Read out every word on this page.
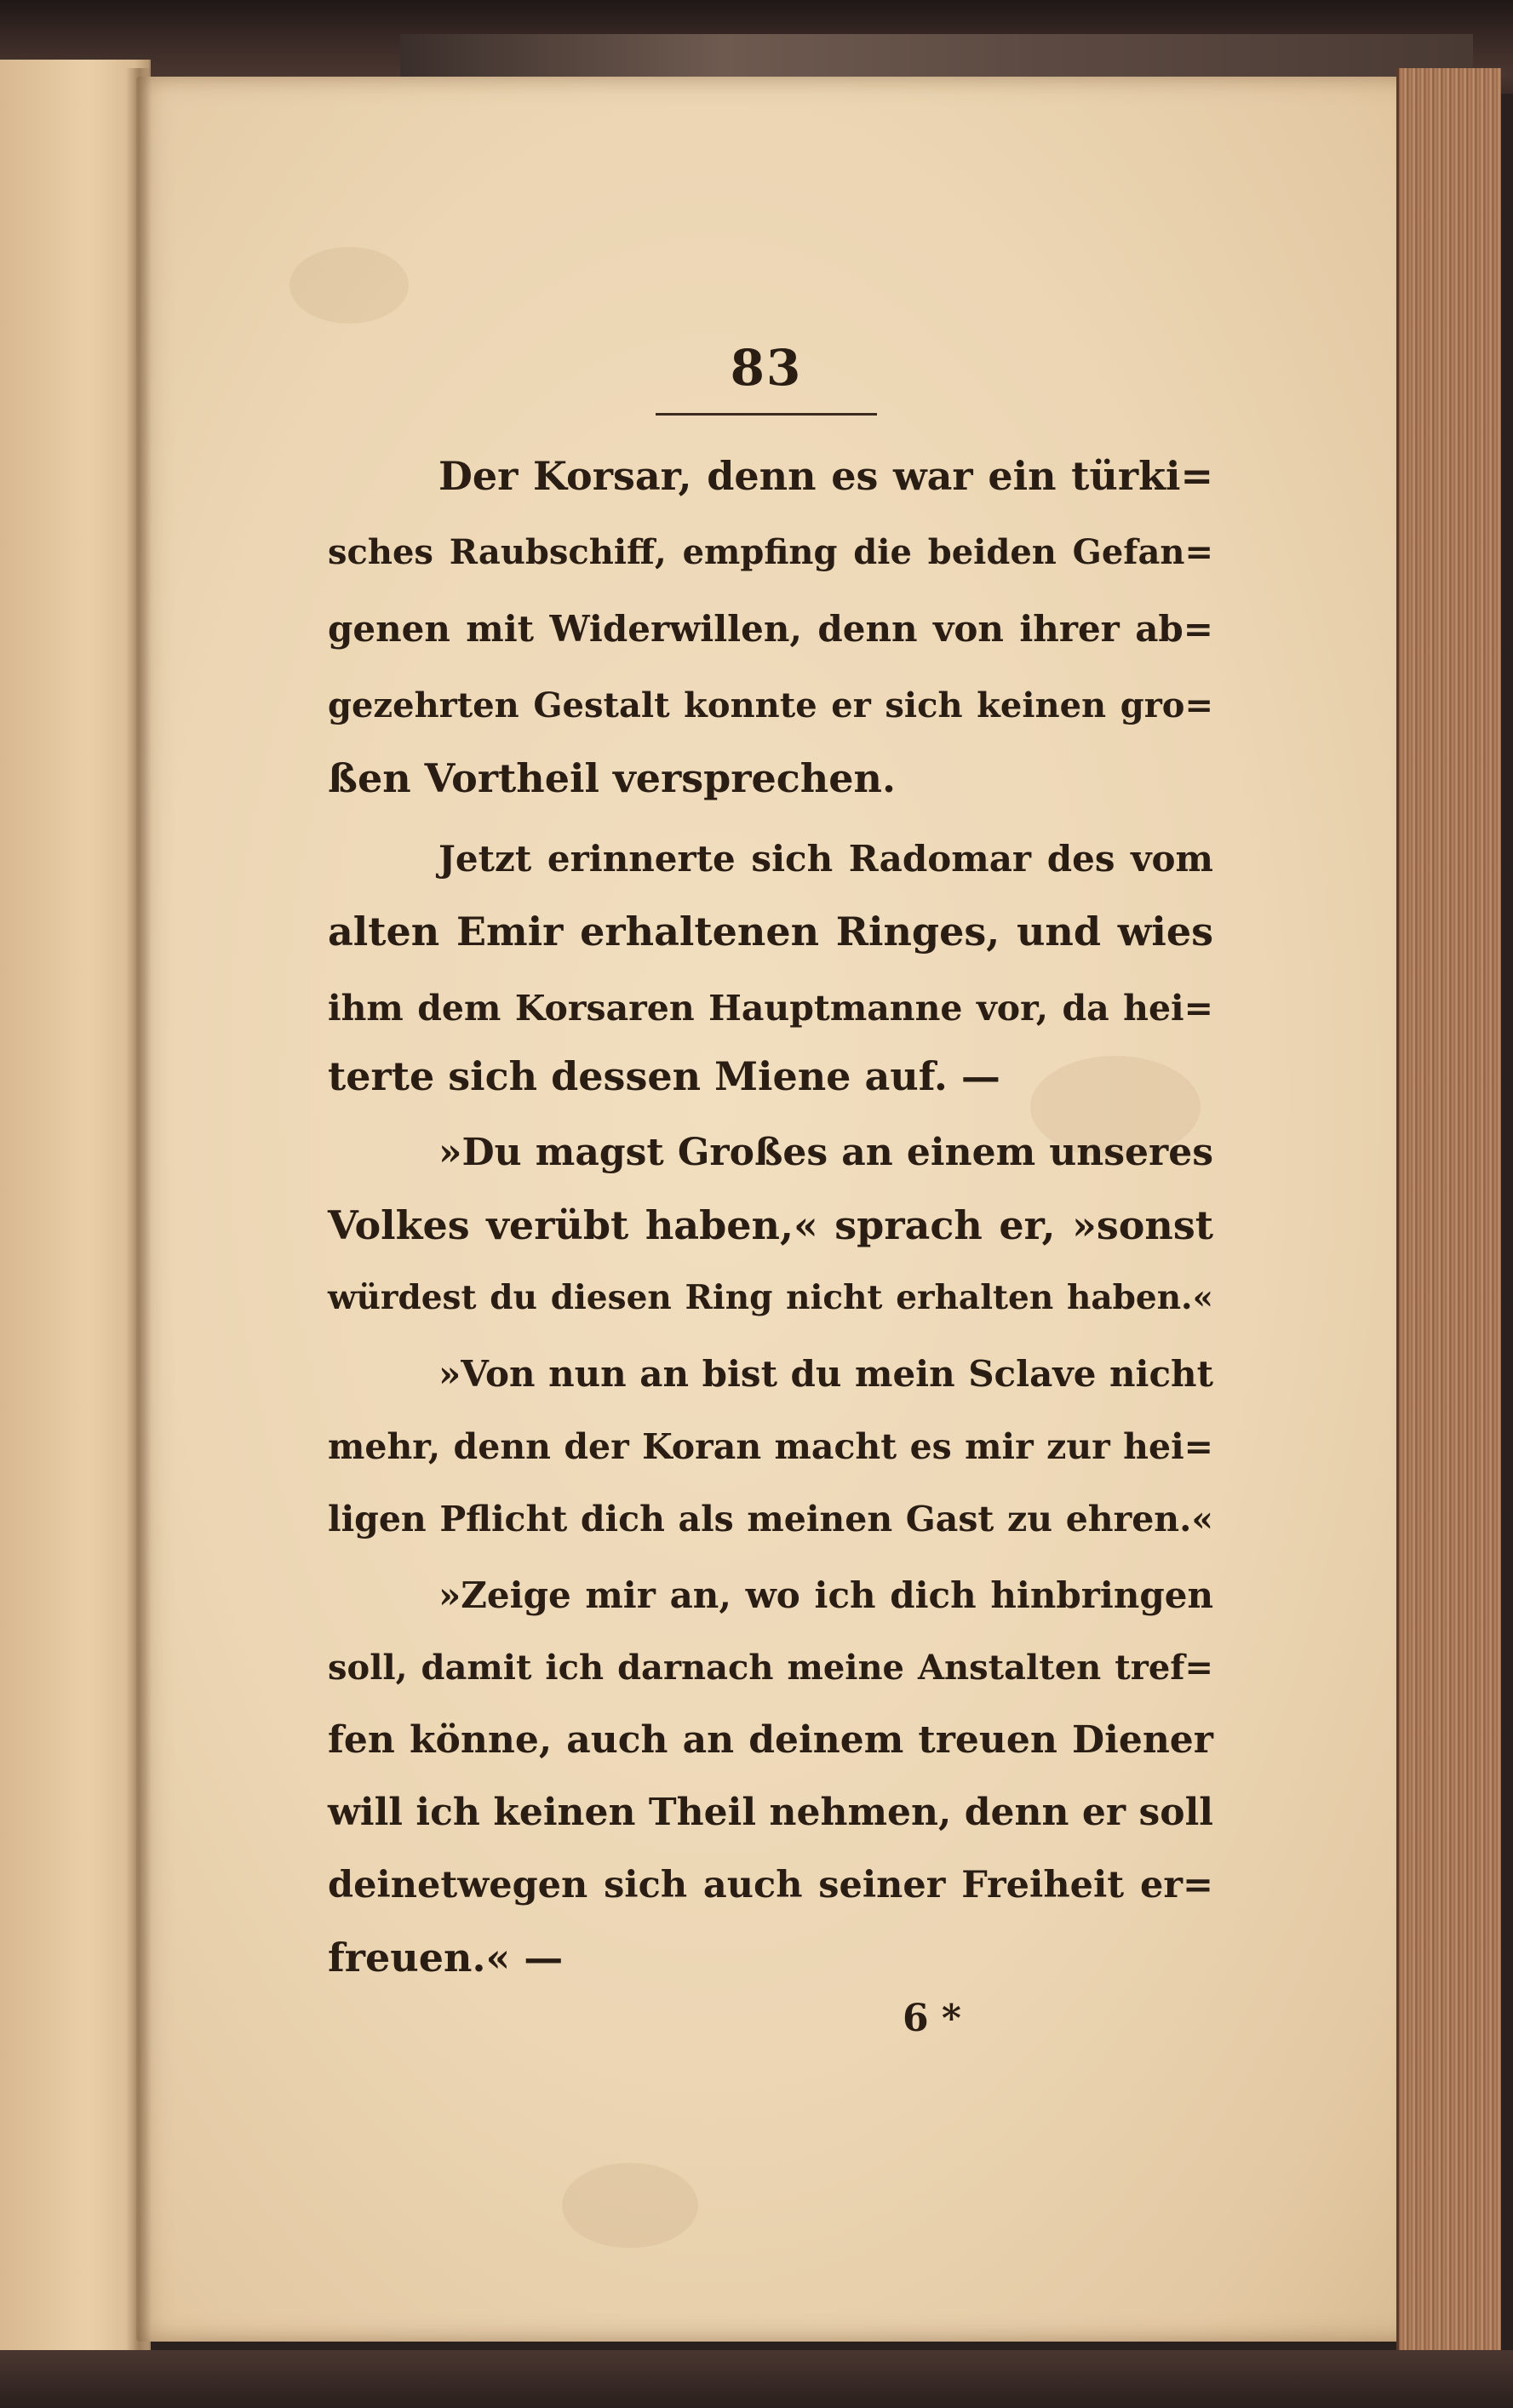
83
Der Korsar, denn es war ein türki=
sches Raubschiff, empfing die beiden Gefan=
genen mit Widerwillen, denn von ihrer ab=
gezehrten Gestalt konnte er sich keinen gro=
ßen Vortheil versprechen.
Jetzt erinnerte sich Radomar des vom
alten Emir erhaltenen Ringes, und wies
ihm dem Korsaren Hauptmanne vor, da hei=
terte sich dessen Miene auf. —
»Du magst Großes an einem unseres
Volkes verübt haben,« sprach er, »sonst
würdest du diesen Ring nicht erhalten haben.«
»Von nun an bist du mein Sclave nicht
mehr, denn der Koran macht es mir zur hei=
ligen Pflicht dich als meinen Gast zu ehren.«
»Zeige mir an, wo ich dich hinbringen
soll, damit ich darnach meine Anstalten tref=
fen könne, auch an deinem treuen Diener
will ich keinen Theil nehmen, denn er soll
deinetwegen sich auch seiner Freiheit er=
freuen.« —
6 *
